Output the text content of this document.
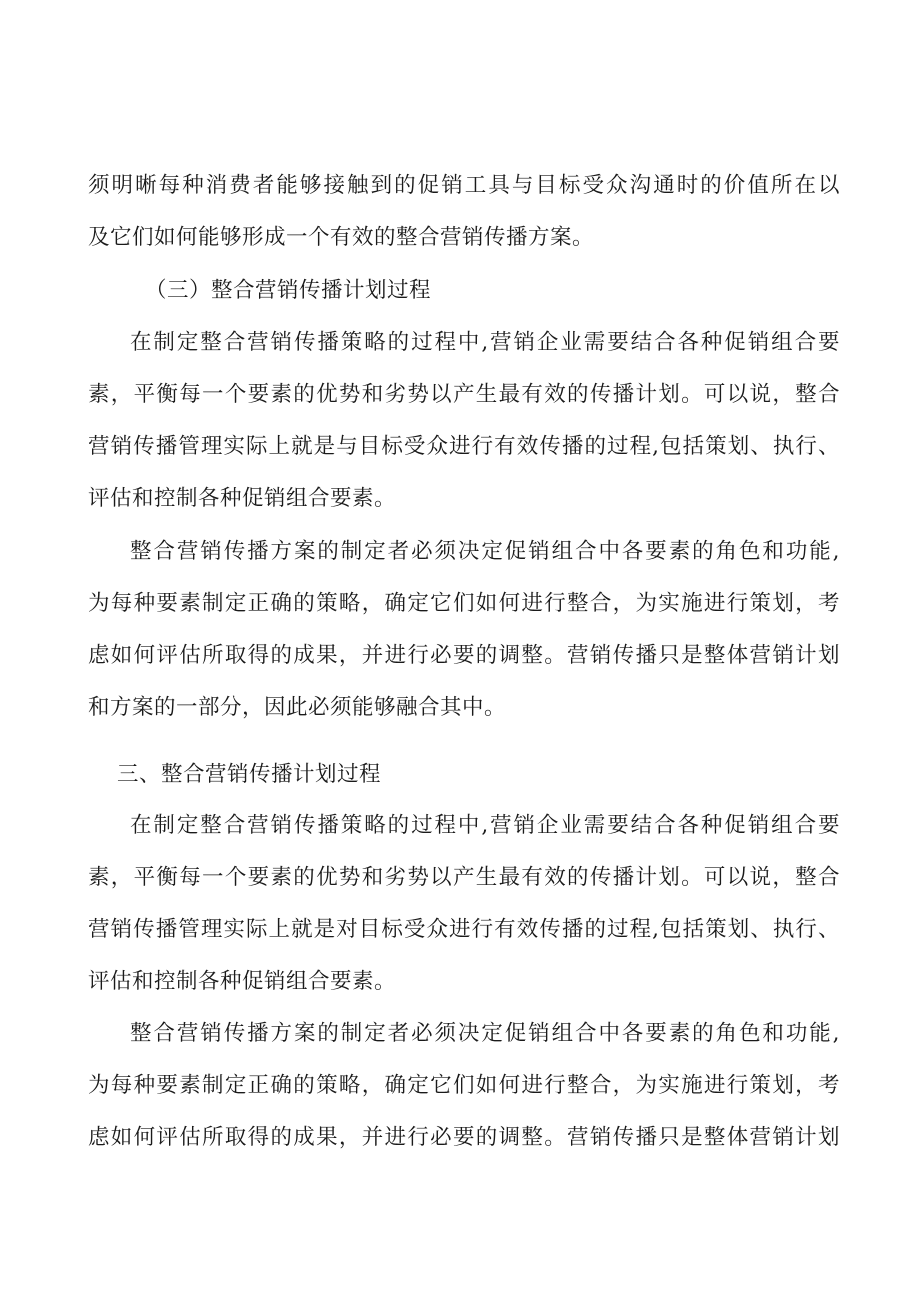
须明晰每种消费者能够接触到的促销工具与目标受众沟通时的价值所在以
及它们如何能够形成一个有效的整合营销传播方案。
（三）整合营销传播计划过程
在制定整合营销传播策略的过程中,营销企业需要结合各种促销组合要
素，平衡每一个要素的优势和劣势以产生最有效的传播计划。可以说，整合
营销传播管理实际上就是与目标受众进行有效传播的过程,包括策划、执行、
评估和控制各种促销组合要素。
整合营销传播方案的制定者必须决定促销组合中各要素的角色和功能,
为每种要素制定正确的策略，确定它们如何进行整合，为实施进行策划，考
虑如何评估所取得的成果，并进行必要的调整。营销传播只是整体营销计划
和方案的一部分，因此必须能够融合其中。
三、整合营销传播计划过程
在制定整合营销传播策略的过程中,营销企业需要结合各种促销组合要
素，平衡每一个要素的优势和劣势以产生最有效的传播计划。可以说，整合
营销传播管理实际上就是对目标受众进行有效传播的过程,包括策划、执行、
评估和控制各种促销组合要素。
整合营销传播方案的制定者必须决定促销组合中各要素的角色和功能,
为每种要素制定正确的策略，确定它们如何进行整合，为实施进行策划，考
虑如何评估所取得的成果，并进行必要的调整。营销传播只是整体营销计划
